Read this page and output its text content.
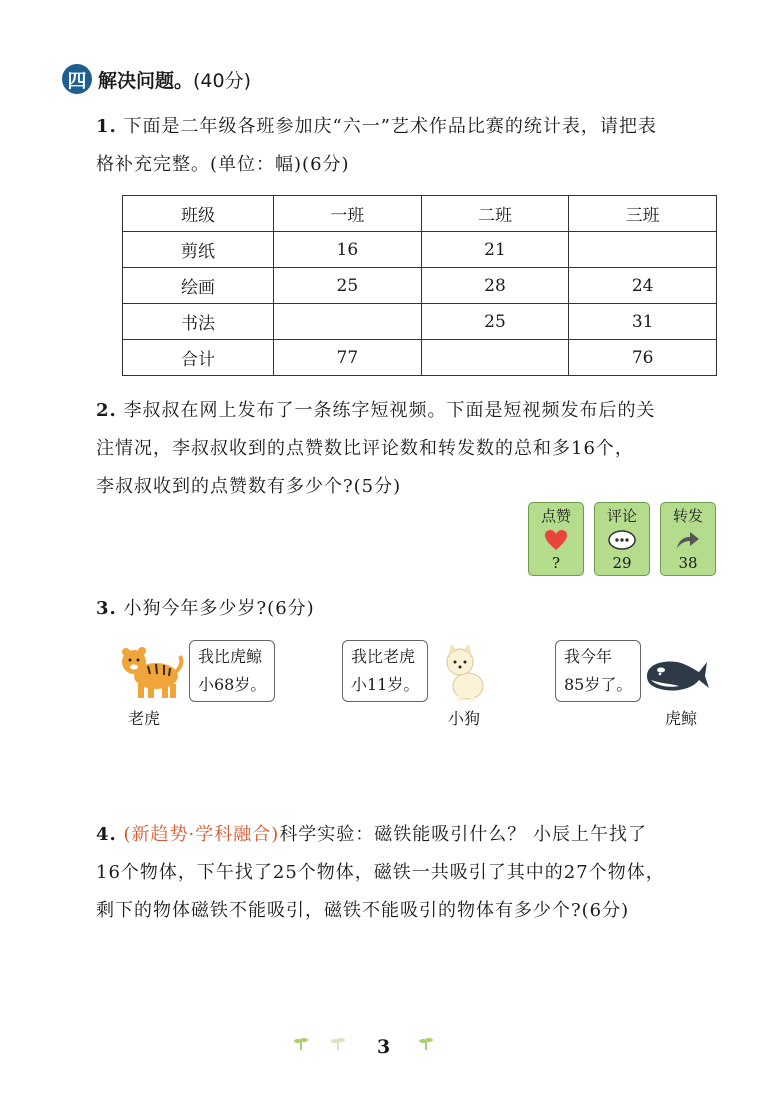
四 解决问题。 (40分)
1. 下面是二年级各班参加庆“六一”艺术作品比赛的统计表，请把表
格补充完整。(单位：幅)(6分)
班级	一班	二班	三班
剪纸	16	21	
绘画	25	28	24
书法		25	31
合计	77		76
2. 李叔叔在网上发布了一条练字短视频。下面是短视频发布后的关
注情况，李叔叔收到的点赞数比评论数和转发数的总和多16个，
李叔叔收到的点赞数有多少个?(5分)
点赞
?
评论
29
转发
38
3. 小狗今年多少岁?(6分)
我比虎鲸
小68岁。
老虎
我比老虎
小11岁。
小狗
我今年
85岁了。
虎鲸
4. (新趋势·学科融合)科学实验：磁铁能吸引什么？ 小辰上午找了
16个物体，下午找了25个物体，磁铁一共吸引了其中的27个物体，
剩下的物体磁铁不能吸引，磁铁不能吸引的物体有多少个?(6分)
3
